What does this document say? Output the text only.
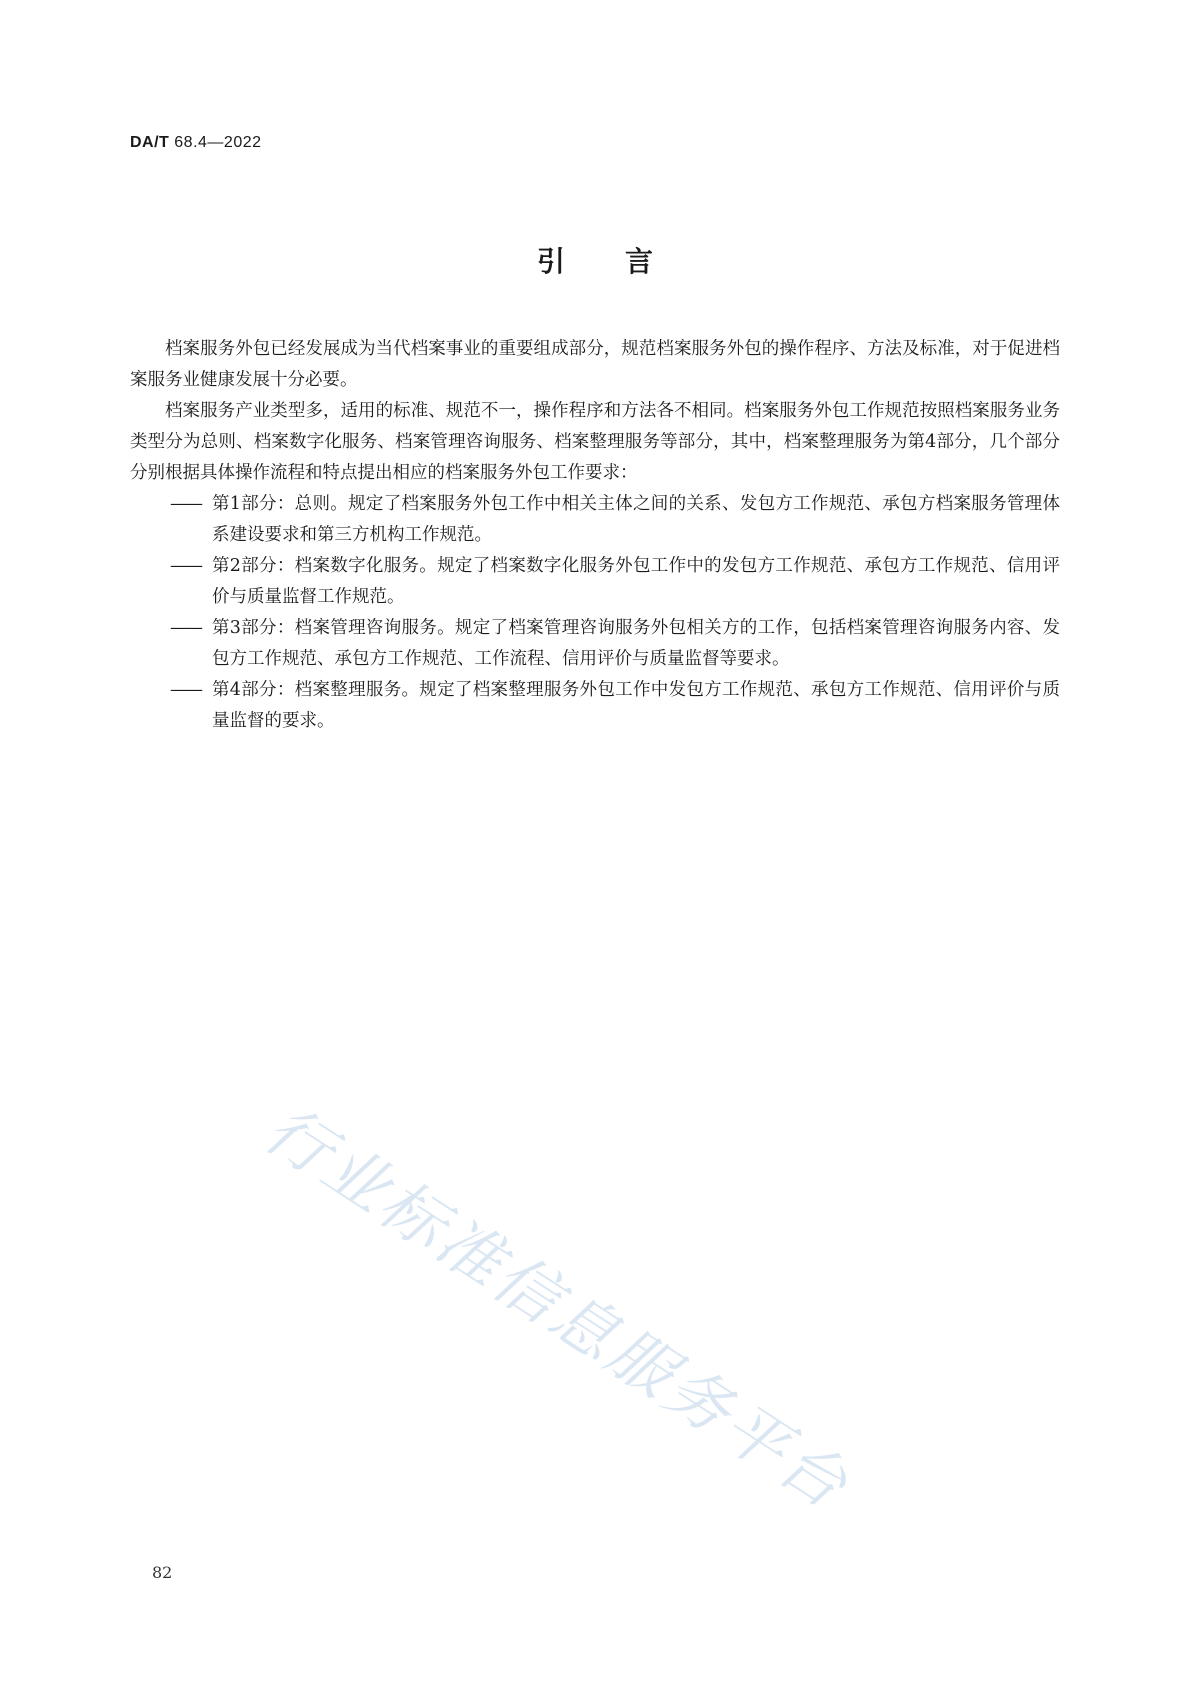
DA/T 68.4—2022
引言

档案服务外包已经发展成为当代档案事业的重要组成部分，规范档案服务外包的操作程序、方法及标准，对于促进档案服务业健康发展十分必要。

档案服务产业类型多，适用的标准、规范不一，操作程序和方法各不相同。档案服务外包工作规范按照档案服务业务类型分为总则、档案数字化服务、档案管理咨询服务、档案整理服务等部分，其中，档案整理服务为第4部分，几个部分分别根据具体操作流程和特点提出相应的档案服务外包工作要求：

—— 第1部分：总则。规定了档案服务外包工作中相关主体之间的关系、发包方工作规范、承包方档案服务管理体系建设要求和第三方机构工作规范。
—— 第2部分：档案数字化服务。规定了档案数字化服务外包工作中的发包方工作规范、承包方工作规范、信用评价与质量监督工作规范。
—— 第3部分：档案管理咨询服务。规定了档案管理咨询服务外包相关方的工作，包括档案管理咨询服务内容、发包方工作规范、承包方工作规范、工作流程、信用评价与质量监督等要求。
—— 第4部分：档案整理服务。规定了档案整理服务外包工作中发包方工作规范、承包方工作规范、信用评价与质量监督的要求。
行业标准信息服务平台
82
